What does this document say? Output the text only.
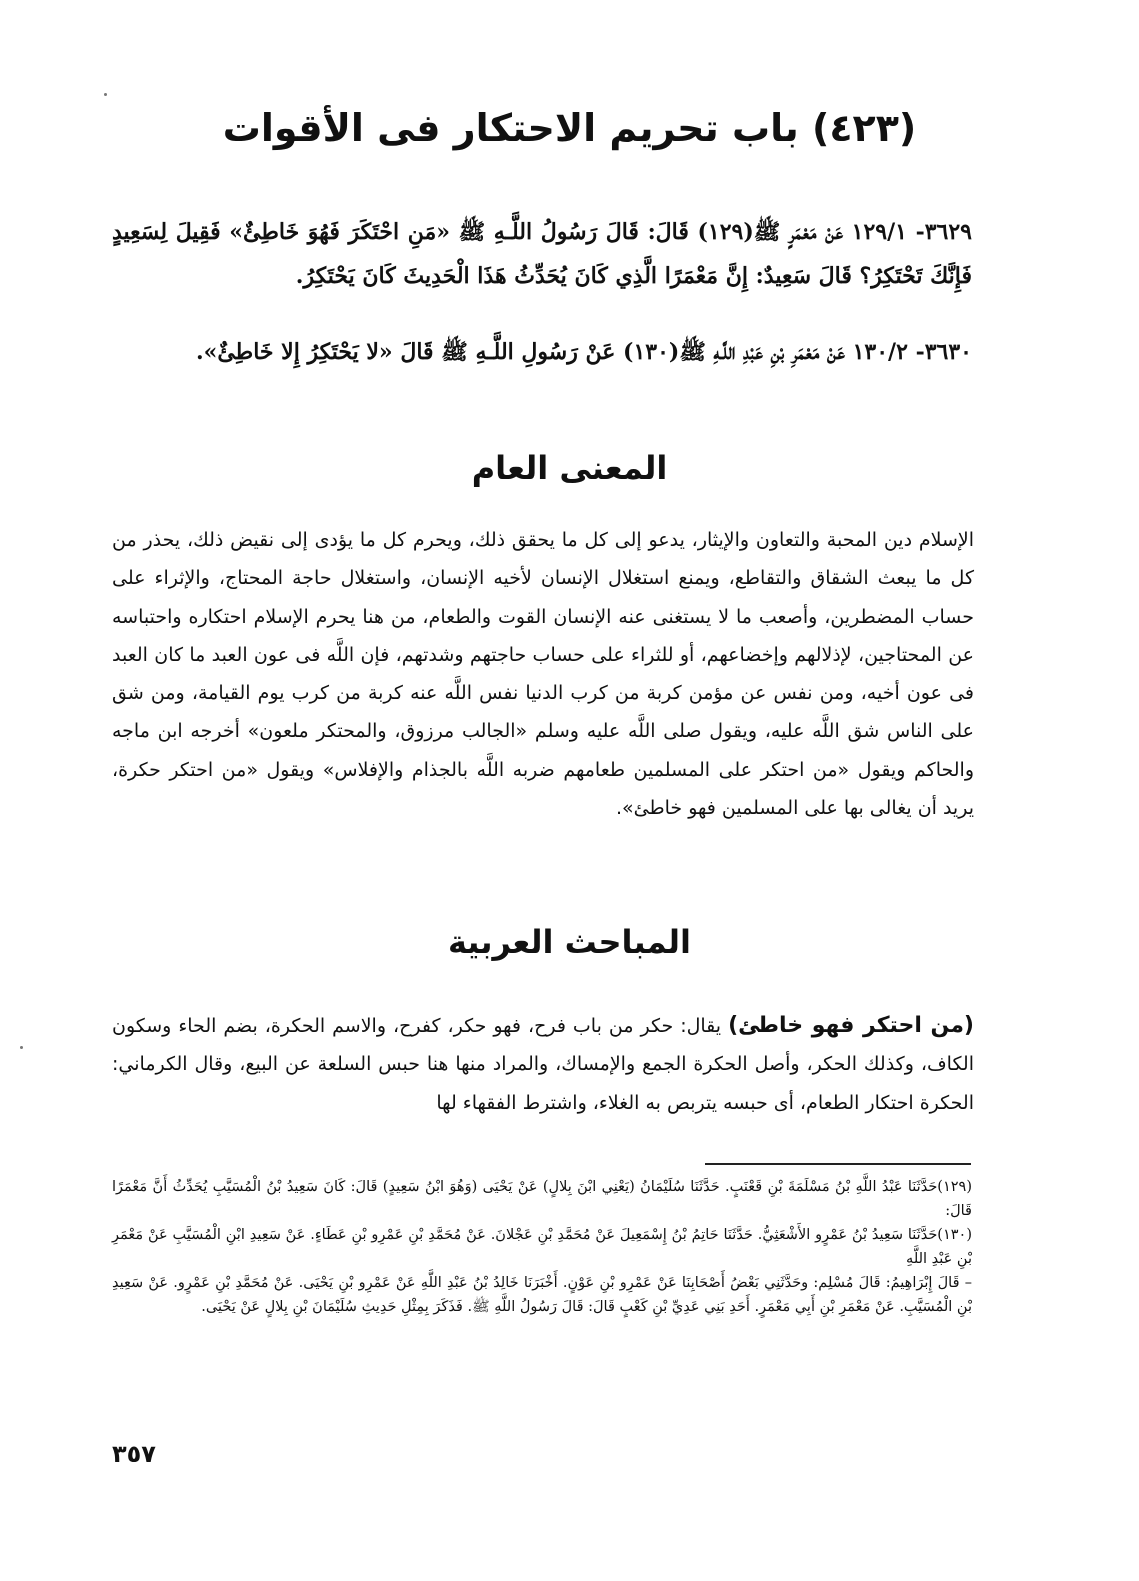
(٤٢٣) باب تحريم الاحتكار فى الأقوات
٣٦٢٩- ١٢٩/١ عَنْ مَعْمَرٍ ﷺ(١٢٩) قَالَ: قَالَ رَسُولُ اللَّـهِ ﷺ «مَنِ احْتَكَرَ فَهُوَ خَاطِئٌ» فَقِيلَ لِسَعِيدٍ فَإِنَّكَ تَحْتَكِرُ؟ قَالَ سَعِيدٌ: إِنَّ مَعْمَرًا الَّذِي كَانَ يُحَدِّثُ هَذَا الْحَدِيثَ كَانَ يَحْتَكِرُ.
٣٦٣٠- ١٣٠/٢ عَنْ مَعْمَرِ بْنِ عَبْدِ اللَّـهِ ﷺ(١٣٠) عَنْ رَسُولِ اللَّـهِ ﷺ قَالَ «لا يَحْتَكِرُ إِلا خَاطِئٌ».
المعنى العام

الإسلام دين المحبة والتعاون والإيثار، يدعو إلى كل ما يحقق ذلك، ويحرم كل ما يؤدى إلى نقيض ذلك، يحذر من كل ما يبعث الشقاق والتقاطع، ويمنع استغلال الإنسان لأخيه الإنسان، واستغلال حاجة المحتاج، والإثراء على حساب المضطرين، وأصعب ما لا يستغنى عنه الإنسان القوت والطعام، من هنا يحرم الإسلام احتكاره واحتباسه عن المحتاجين، لإذلالهم وإخضاعهم، أو للثراء على حساب حاجتهم وشدتهم، فإن اللَّه فى عون العبد ما كان العبد فى عون أخيه، ومن نفس عن مؤمن كربة من كرب الدنيا نفس اللَّه عنه كربة من كرب يوم القيامة، ومن شق على الناس شق اللَّه عليه، ويقول صلى اللَّه عليه وسلم «الجالب مرزوق، والمحتكر ملعون» أخرجه ابن ماجه والحاكم ويقول «من احتكر على المسلمين طعامهم ضربه اللَّه بالجذام والإفلاس» ويقول «من احتكر حكرة، يريد أن يغالى بها على المسلمين فهو خاطئ».

المباحث العربية

(من احتكر فهو خاطئ) يقال: حكر من باب فرح، فهو حكر، كفرح، والاسم الحكرة، بضم الحاء وسكون الكاف، وكذلك الحكر، وأصل الحكرة الجمع والإمساك، والمراد منها هنا حبس السلعة عن البيع، وقال الكرماني: الحكرة احتكار الطعام، أى حبسه يتربص به الغلاء، واشترط الفقهاء لها

(١٢٩)حَدَّثَنَا عَبْدُ اللَّهِ بْنُ مَسْلَمَةَ بْنِ قَعْنَبٍ. حَدَّثَنَا سُلَيْمَانُ (يَعْنِي ابْنَ بِلالٍ) عَنْ يَحْيَى (وَهُوَ ابْنُ سَعِيدٍ) قَالَ: كَانَ سَعِيدُ بْنُ الْمُسَيَّبِ يُحَدِّثُ أَنَّ مَعْمَرًا قَالَ:

(١٣٠)حَدَّثَنَا سَعِيدُ بْنُ عَمْرٍو الأَشْعَثِيُّ. حَدَّثَنَا حَاتِمُ بْنُ إِسْمَعِيلَ عَنْ مُحَمَّدِ بْنِ عَجْلانَ. عَنْ مُحَمَّدِ بْنِ عَمْرِو بْنِ عَطَاءٍ. عَنْ سَعِيدِ ابْنِ الْمُسَيَّبِ عَنْ مَعْمَرِ بْنِ عَبْدِ اللَّهِ

– قَالَ إِبْرَاهِيمُ: قَالَ مُسْلِم: وحَدَّثَنِي بَعْضُ أَصْحَابِنَا عَنْ عَمْرِو بْنِ عَوْنٍ. أَخْبَرَنَا خَالِدُ بْنُ عَبْدِ اللَّهِ عَنْ عَمْرِو بْنِ يَحْيَى. عَنْ مُحَمَّدِ بْنِ عَمْرٍو. عَنْ سَعِيدِ بْنِ الْمُسَيَّبِ. عَنْ مَعْمَرِ بْنِ أَبِي مَعْمَرٍ. أَحَدِ بَنِي عَدِيِّ بْنِ كَعْبٍ قَالَ: قَالَ رَسُولُ اللَّهِ ﷺ. فَذَكَرَ بِمِثْلِ حَدِيثِ سُلَيْمَانَ بْنِ بِلالٍ عَنْ يَحْيَى.

٣٥٧
